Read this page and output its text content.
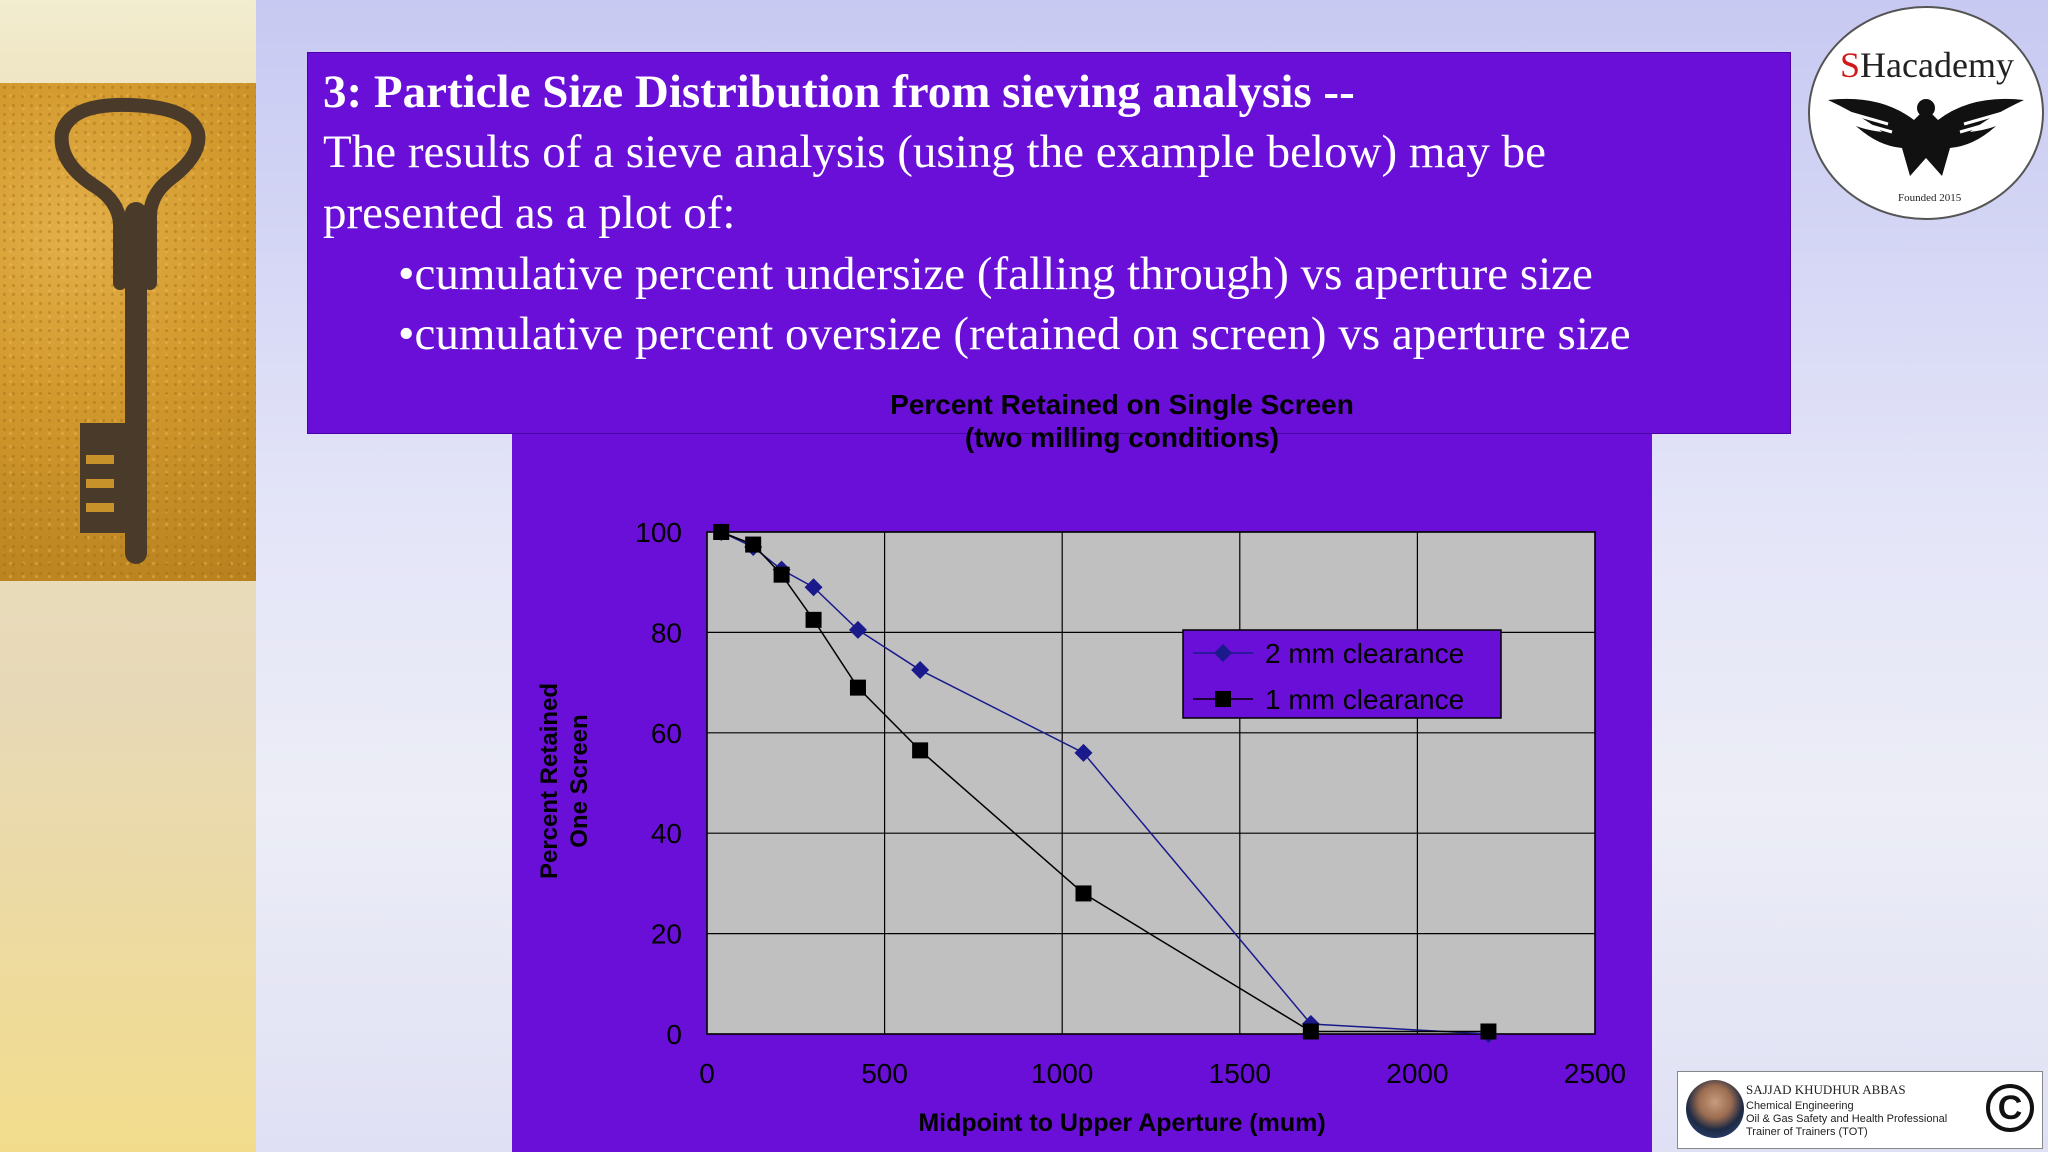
3: Particle Size Distribution from sieving analysis --
The results of a sieve analysis (using the example below) may be
presented as a plot of:
•cumulative percent undersize (falling through) vs aperture size
•cumulative percent oversize (retained on screen) vs aperture size
Percent Retained on Single Screen
(two milling conditions)
0
20
40
60
80
100
0	500	1000	1500	2000	2500
2 mm clearance
1 mm clearance
Midpoint to Upper Aperture (mum)
Percent Retained One Screen
SHacademy
Founded 2015
SAJJAD KHUDHUR ABBAS
Chemical Engineering
Oil & Gas Safety and Health Professional
Trainer of Trainers (TOT)
C
